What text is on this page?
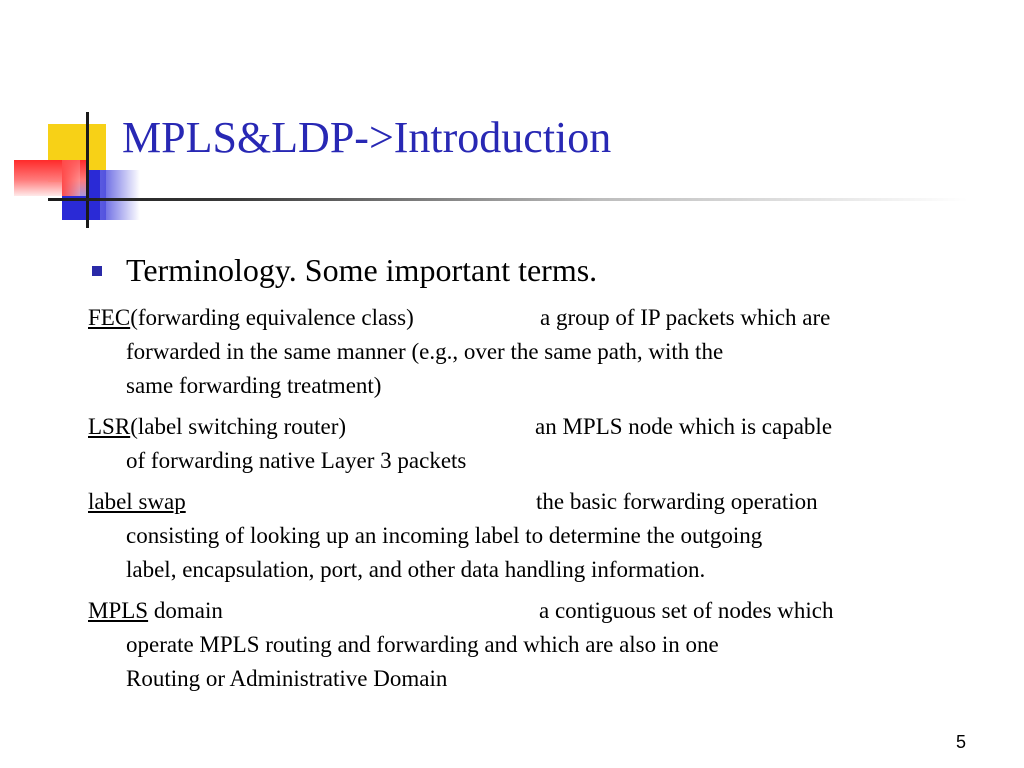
MPLS&LDP->Introduction
Terminology. Some important terms.
FEC(forwarding equivalence class)	a group of IP packets which are
forwarded in the same manner (e.g., over the same path, with the
same forwarding treatment)
LSR(label switching router)	an MPLS node which is capable
of forwarding native Layer 3 packets
label swap	the basic forwarding operation
consisting of looking up an incoming label to determine the outgoing
label, encapsulation, port, and other data handling information.
MPLS domain	a contiguous set of nodes which
operate MPLS routing and forwarding and which are also in one
Routing or Administrative Domain
5
